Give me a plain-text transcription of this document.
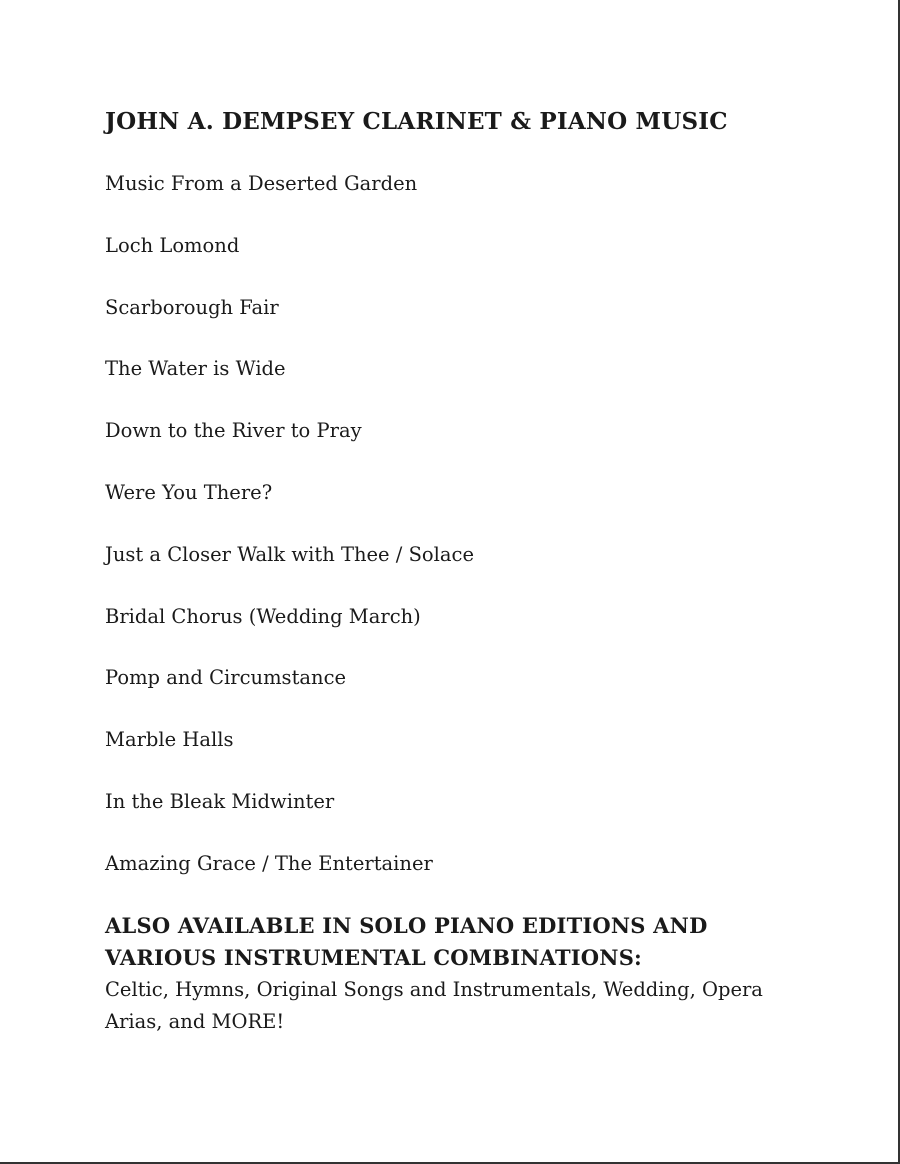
JOHN A. DEMPSEY CLARINET & PIANO MUSIC
Music From a Deserted Garden
Loch Lomond
Scarborough Fair
The Water is Wide
Down to the River to Pray
Were You There?
Just a Closer Walk with Thee / Solace
Bridal Chorus (Wedding March)
Pomp and Circumstance
Marble Halls
In the Bleak Midwinter
Amazing Grace / The Entertainer

ALSO AVAILABLE IN SOLO PIANO EDITIONS AND VARIOUS INSTRUMENTAL COMBINATIONS:

Celtic, Hymns, Original Songs and Instrumentals, Wedding, Opera Arias, and MORE!
